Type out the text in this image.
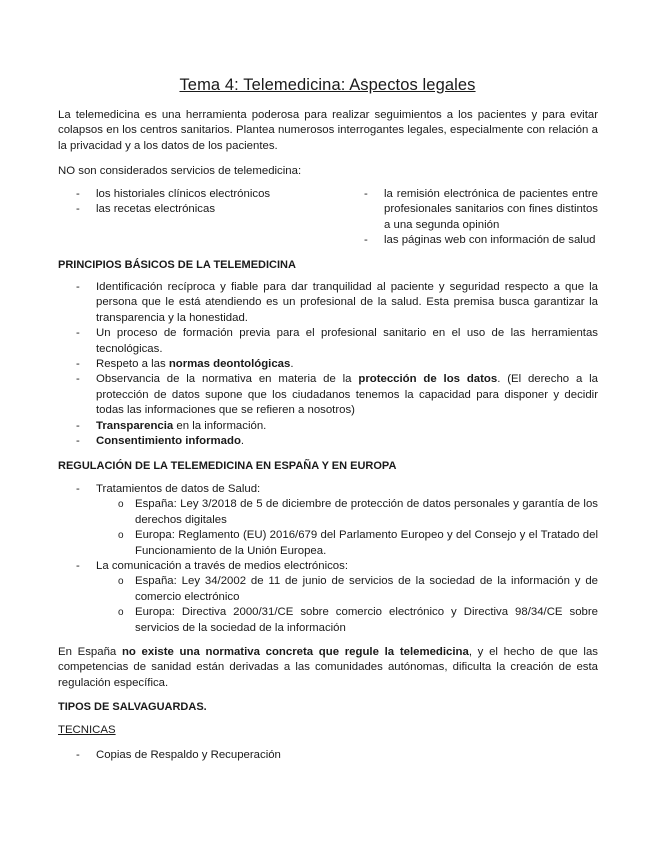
Tema 4: Telemedicina: Aspectos legales
La telemedicina es una herramienta poderosa para realizar seguimientos a los pacientes y para evitar colapsos en los centros sanitarios. Plantea numerosos interrogantes legales, especialmente con relación a la privacidad y a los datos de los pacientes.
NO son considerados servicios de telemedicina:
- los historiales clínicos electrónicos
- las recetas electrónicas
- la remisión electrónica de pacientes entre profesionales sanitarios con fines distintos a una segunda opinión
- las páginas web con información de salud
PRINCIPIOS BÁSICOS DE LA TELEMEDICINA
- Identificación recíproca y fiable para dar tranquilidad al paciente y seguridad respecto a que la persona que le está atendiendo es un profesional de la salud. Esta premisa busca garantizar la transparencia y la honestidad.
- Un proceso de formación previa para el profesional sanitario en el uso de las herramientas tecnológicas.
- Respeto a las normas deontológicas.
- Observancia de la normativa en materia de la protección de los datos. (El derecho a la protección de datos supone que los ciudadanos tenemos la capacidad para disponer y decidir todas las informaciones que se refieren a nosotros)
- Transparencia en la información.
- Consentimiento informado.
REGULACIÓN DE LA TELEMEDICINA EN ESPAÑA Y EN EUROPA
- Tratamientos de datos de Salud:
o España: Ley 3/2018 de 5 de diciembre de protección de datos personales y garantía de los derechos digitales
o Europa: Reglamento (EU) 2016/679 del Parlamento Europeo y del Consejo y el Tratado del Funcionamiento de la Unión Europea.
- La comunicación a través de medios electrónicos:
o España: Ley 34/2002 de 11 de junio de servicios de la sociedad de la información y de comercio electrónico
o Europa: Directiva 2000/31/CE sobre comercio electrónico y Directiva 98/34/CE sobre servicios de la sociedad de la información
En España no existe una normativa concreta que regule la telemedicina, y el hecho de que las competencias de sanidad están derivadas a las comunidades autónomas, dificulta la creación de esta regulación específica.
TIPOS DE SALVAGUARDAS.
TECNICAS
- Copias de Respaldo y Recuperación
